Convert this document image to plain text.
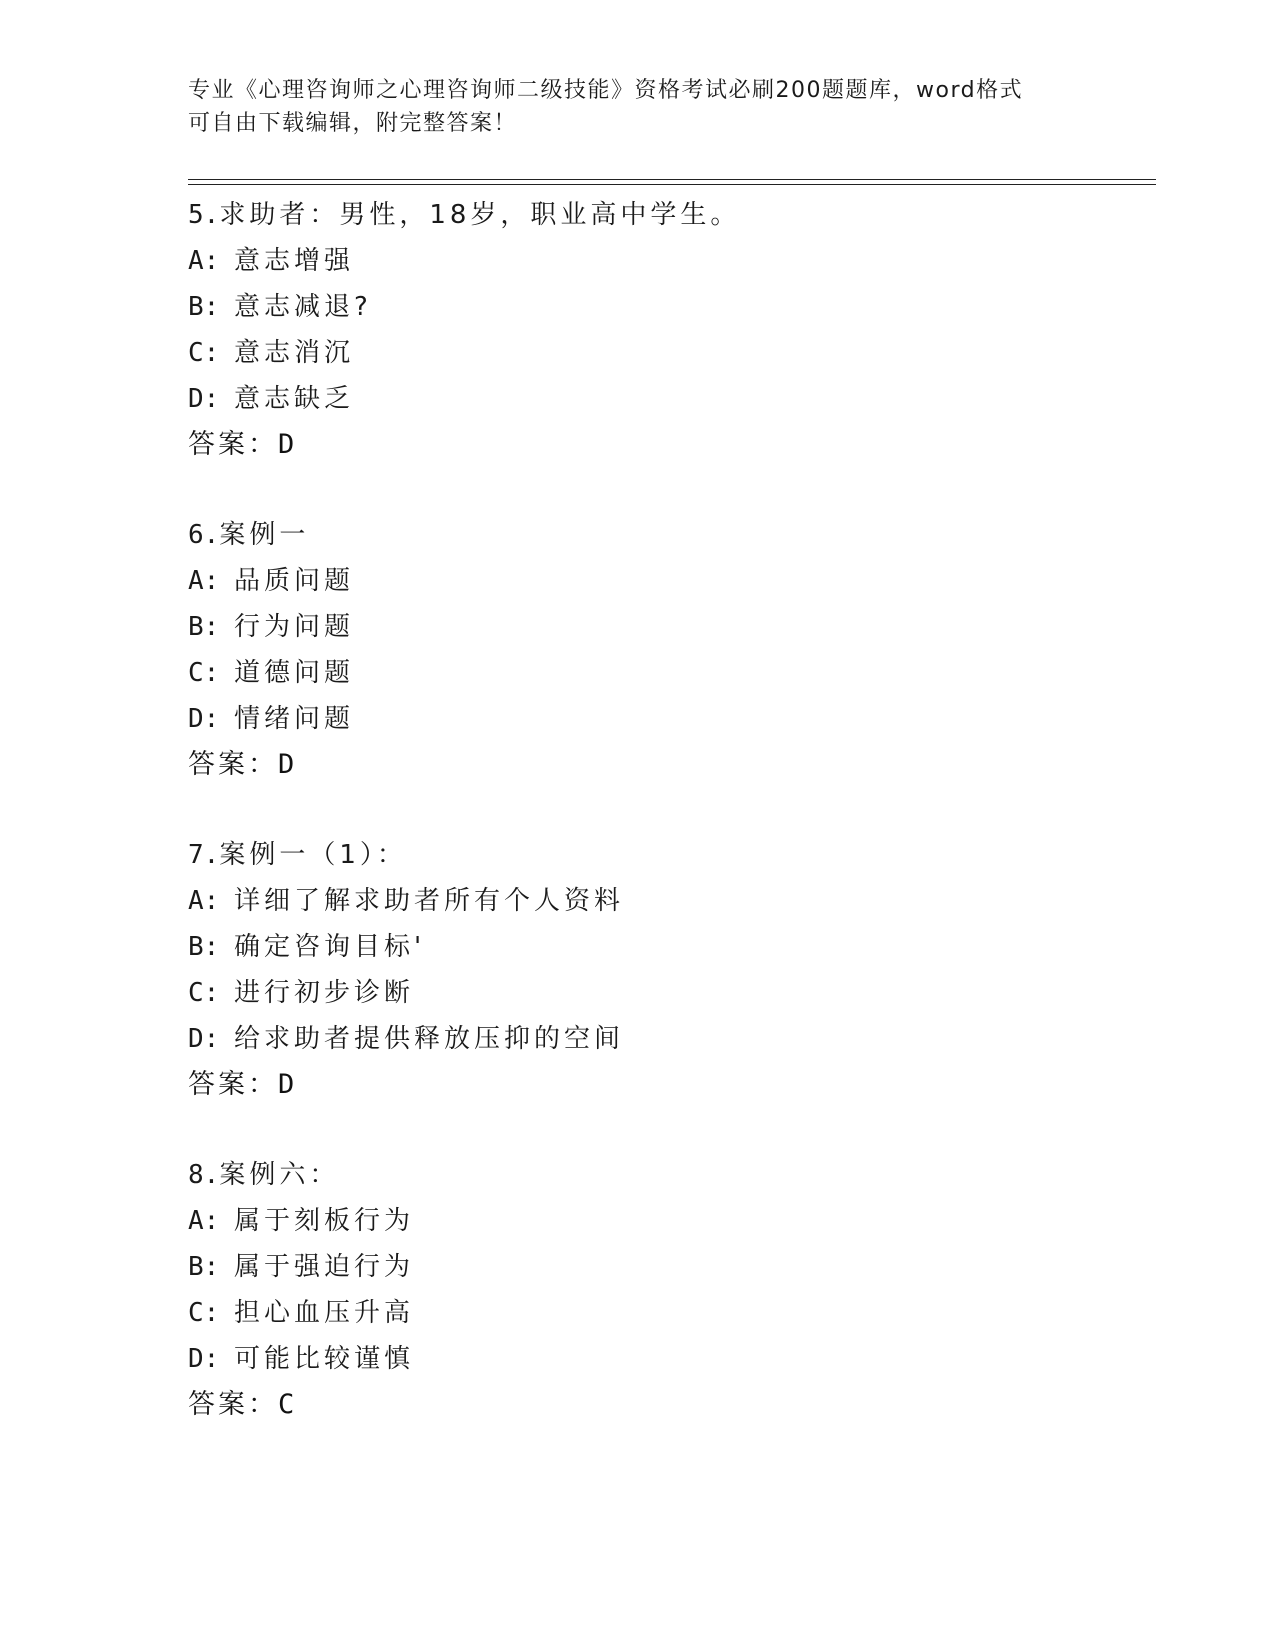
专业《心理咨询师之心理咨询师二级技能》资格考试必刷200题题库，word格式
可自由下载编辑，附完整答案！
5.求助者：男性，18岁，职业高中学生。
A: 意志增强
B: 意志减退?
C: 意志消沉
D: 意志缺乏
答案：D
6.案例一
A: 品质问题
B: 行为问题
C: 道德问题
D: 情绪问题
答案：D
7.案例一（1）：
A: 详细了解求助者所有个人资料
B: 确定咨询目标'
C: 进行初步诊断
D: 给求助者提供释放压抑的空间
答案：D
8.案例六：
A: 属于刻板行为
B: 属于强迫行为
C: 担心血压升高
D: 可能比较谨慎
答案：C
